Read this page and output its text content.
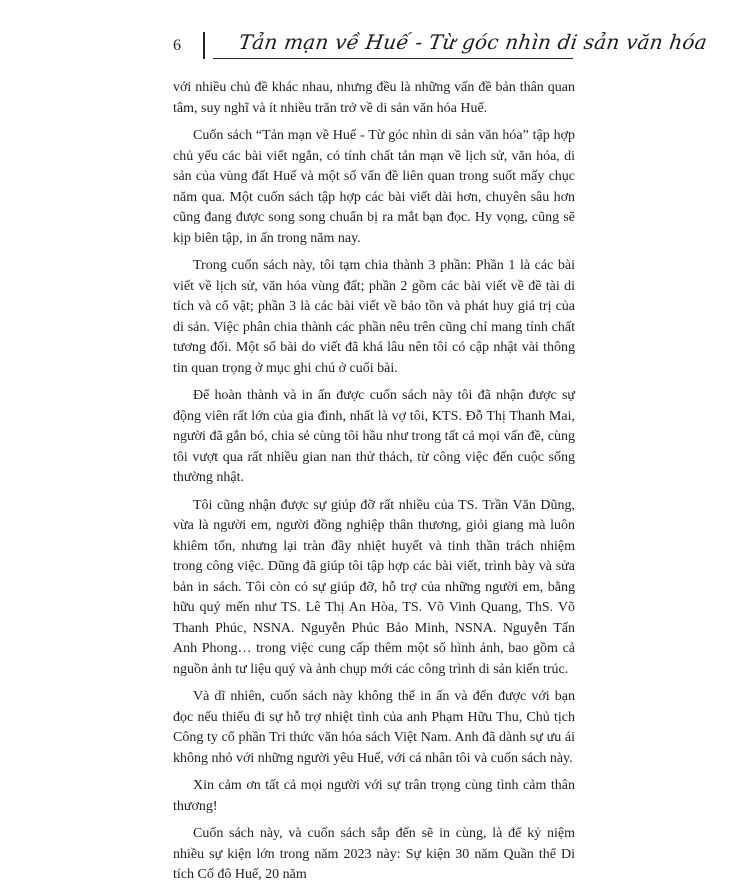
6	Tản mạn về Huế - Từ góc nhìn di sản văn hóa

với nhiều chủ đề khác nhau, nhưng đều là những vấn đề bản thân quan tâm, suy nghĩ và ít nhiều trăn trở về di sản văn hóa Huế.

Cuốn sách “Tản mạn về Huế - Từ góc nhìn di sản văn hóa” tập hợp chủ yếu các bài viết ngắn, có tính chất tản mạn về lịch sử, văn hóa, di sản của vùng đất Huế và một số vấn đề liên quan trong suốt mấy chục năm qua. Một cuốn sách tập hợp các bài viết dài hơn, chuyên sâu hơn cũng đang được song song chuẩn bị ra mắt bạn đọc. Hy vọng, cũng sẽ kịp biên tập, in ấn trong năm nay.

Trong cuốn sách này, tôi tạm chia thành 3 phần: Phần 1 là các bài viết về lịch sử, văn hóa vùng đất; phần 2 gồm các bài viết về đề tài di tích và cổ vật; phần 3 là các bài viết về bảo tồn và phát huy giá trị của di sản. Việc phân chia thành các phần nêu trên cũng chỉ mang tính chất tương đối. Một số bài do viết đã khá lâu nên tôi có cập nhật vài thông tin quan trọng ở mục ghi chú ở cuối bài.

Để hoàn thành và in ấn được cuốn sách này tôi đã nhận được sự động viên rất lớn của gia đình, nhất là vợ tôi, KTS. Đỗ Thị Thanh Mai, người đã gắn bó, chia sẻ cùng tôi hầu như trong tất cả mọi vấn đề, cùng tôi vượt qua rất nhiều gian nan thử thách, từ công việc đến cuộc sống thường nhật.

Tôi cũng nhận được sự giúp đỡ rất nhiều của TS. Trần Văn Dũng, vừa là người em, người đồng nghiệp thân thương, giỏi giang mà luôn khiêm tốn, nhưng lại tràn đầy nhiệt huyết và tinh thần trách nhiệm trong công việc. Dũng đã giúp tôi tập hợp các bài viết, trình bày và sửa bản in sách. Tôi còn có sự giúp đỡ, hỗ trợ của những người em, bằng hữu quý mến như TS. Lê Thị An Hòa, TS. Võ Vinh Quang, ThS. Võ Thanh Phúc, NSNA. Nguyễn Phúc Bảo Minh, NSNA. Nguyễn Tấn Anh Phong… trong việc cung cấp thêm một số hình ảnh, bao gồm cả nguồn ảnh tư liệu quý và ảnh chụp mới các công trình di sản kiến trúc.

Và dĩ nhiên, cuốn sách này không thể in ấn và đến được với bạn đọc nếu thiếu đi sự hỗ trợ nhiệt tình của anh Phạm Hữu Thu, Chủ tịch Công ty cổ phần Tri thức văn hóa sách Việt Nam. Anh đã dành sự ưu ái không nhỏ với những người yêu Huế, với cá nhân tôi và cuốn sách này.

Xin cảm ơn tất cả mọi người với sự trân trọng cùng tình cảm thân thương!

Cuốn sách này, và cuốn sách sắp đến sẽ in cùng, là để kỷ niệm nhiều sự kiện lớn trong năm 2023 này: Sự kiện 30 năm Quần thể Di tích Cố đô Huế, 20 năm
